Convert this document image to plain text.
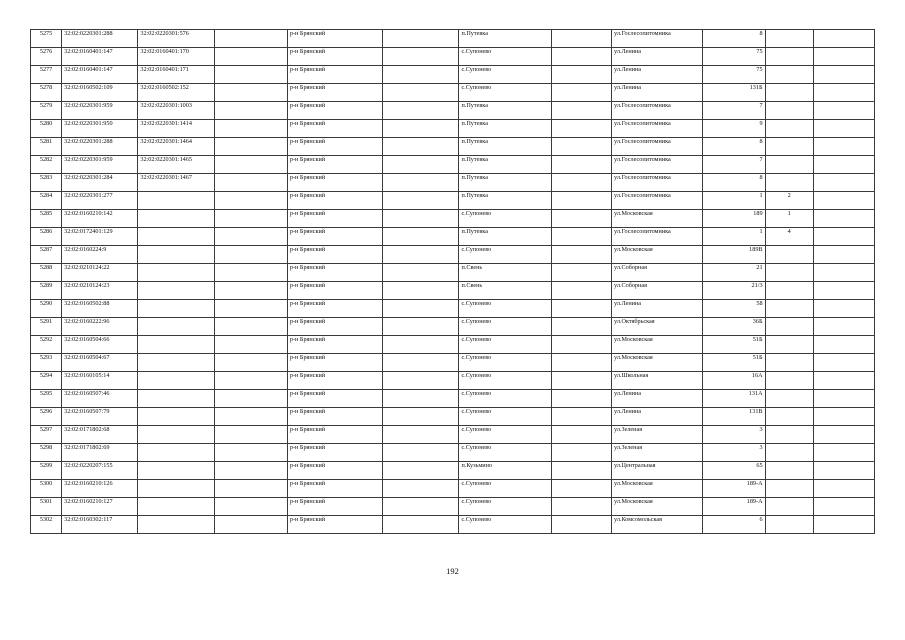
5275	32:02:0220301:288	32:02:0220301:576		р-н Брянский		п.Путевка		ул.Гослесопитомника	8		
5276	32:02:0160401:147	32:02:0160401:170		р-н Брянский		с.Супонево		ул.Ленина	75		
5277	32:02:0160401:147	32:02:0160401:171		р-н Брянский		с.Супонево		ул.Ленина	75		
5278	32:02:0160502:109	32:02:0160502:152		р-н Брянский		с.Супонево		ул.Ленина	131Б		
5279	32:02:0220301:959	32:02:0220301:1003		р-н Брянский		п.Путевка		ул.Гослесопитомника	7		
5280	32:02:0220301:950	32:02:0220301:1414		р-н Брянский		п.Путевка		ул.Гослесопитомника	9		
5281	32:02:0220301:288	32:02:0220301:1464		р-н Брянский		п.Путевка		ул.Гослесопитомника	8		
5282	32:02:0220301:959	32:02:0220301:1465		р-н Брянский		п.Путевка		ул.Гослесопитомника	7		
5283	32:02:0220301:284	32:02:0220301:1467		р-н Брянский		п.Путевка		ул.Гослесопитомника	8		
5284	32:02:0220301:277			р-н Брянский		п.Путевка		ул.Гослесопитомника	1	2	
5285	32:02:0160210:142			р-н Брянский		с.Супонево		ул.Московская	189	1	
5286	32:02:0172401:129			р-н Брянский		п.Путевка		ул.Гослесопитомника	1	4	
5287	32:02:0160224:9			р-н Брянский		с.Супонево		ул.Московская	189В		
5288	32:02:0210124:22			р-н Брянский		п.Свень		ул.Соборная	21		
5289	32:02:0210124:23			р-н Брянский		п.Свень		ул.Соборная	21/3		
5290	32:02:0160502:88			р-н Брянский		с.Супонево		ул.Ленина	58		
5291	32:02:0160222:96			р-н Брянский		с.Супонево		ул.Октябрьская	36Б		
5292	32:02:0160504:66			р-н Брянский		с.Супонево		ул.Московская	51Б		
5293	32:02:0160504:67			р-н Брянский		с.Супонево		ул.Московская	51Б		
5294	32:02:0160105:14			р-н Брянский		с.Супонево		ул.Школьная	16А		
5295	32:02:0160507:46			р-н Брянский		с.Супонево		ул.Ленина	131А		
5296	32:02:0160507:79			р-н Брянский		с.Супонево		ул.Ленина	131В		
5297	32:02:0171802:68			р-н Брянский		с.Супонево		ул.Зеленая	3		
5298	32:02:0171802:69			р-н Брянский		с.Супонево		ул.Зеленая	3		
5299	32:02:0220207:155			р-н Брянский		п.Кузьмино		ул.Центральная	65		
5300	32:02:0160210:126			р-н Брянский		с.Супонево		ул.Московская	189-А		
5301	32:02:0160210:127			р-н Брянский		с.Супонево		ул.Московская	189-А		
5302	32:02:0160302:117			р-н Брянский		с.Супонево		ул.Комсомольская	6		
192
